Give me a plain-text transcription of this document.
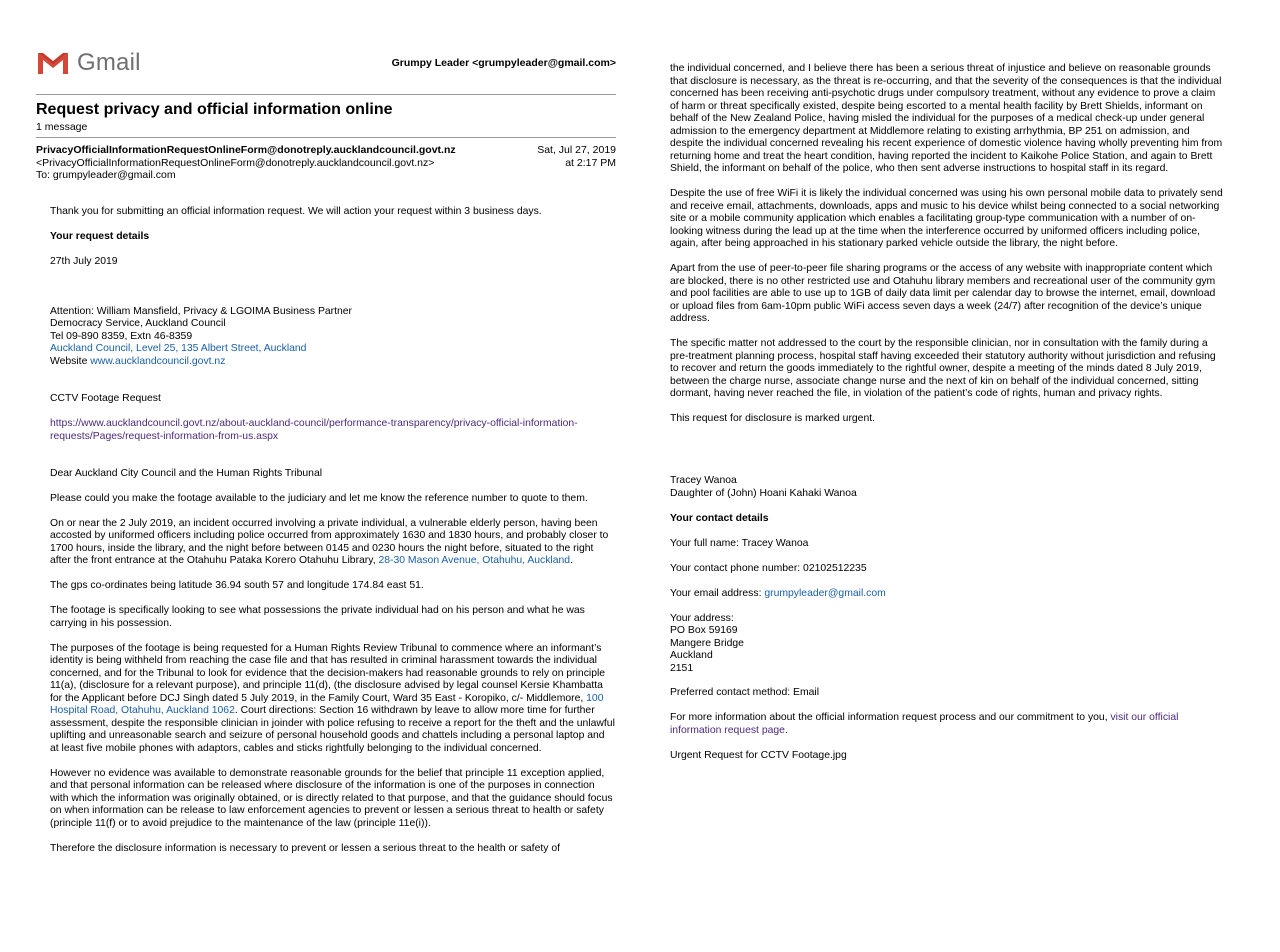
Gmail	Grumpy Leader <grumpyleader@gmail.com>
Request privacy and official information online
1 message
PrivacyOfficialInformationRequestOnlineForm@donotreply.aucklandcouncil.govt.nz
<PrivacyOfficialInformationRequestOnlineForm@donotreply.aucklandcouncil.govt.nz>
To: grumpyleader@gmail.com
Sat, Jul 27, 2019
at 2:17 PM

Thank you for submitting an official information request. We will action your request within 3 business days.

Your request details

27th July 2019

Attention: William Mansfield, Privacy & LGOIMA Business Partner
Democracy Service, Auckland Council
Tel 09-890 8359, Extn 46-8359
Auckland Council, Level 25, 135 Albert Street, Auckland
Website www.aucklandcouncil.govt.nz

CCTV Footage Request

https://www.aucklandcouncil.govt.nz/about-auckland-council/performance-transparency/privacy-official-information-requests/Pages/request-information-from-us.aspx

Dear Auckland City Council and the Human Rights Tribunal

Please could you make the footage available to the judiciary and let me know the reference number to quote to them.

On or near the 2 July 2019, an incident occurred involving a private individual, a vulnerable elderly person, having been accosted by uniformed officers including police occurred from approximately 1630 and 1830 hours, and probably closer to 1700 hours, inside the library, and the night before between 0145 and 0230 hours the night before, situated to the right after the front entrance at the Otahuhu Pataka Korero Otahuhu Library, 28-30 Mason Avenue, Otahuhu, Auckland.

The gps co-ordinates being latitude 36.94 south 57 and longitude 174.84 east 51.

The footage is specifically looking to see what possessions the private individual had on his person and what he was carrying in his possession.

The purposes of the footage is being requested for a Human Rights Review Tribunal to commence where an informant’s identity is being withheld from reaching the case file and that has resulted in criminal harassment towards the individual concerned, and for the Tribunal to look for evidence that the decision-makers had reasonable grounds to rely on principle 11(a), (disclosure for a relevant purpose), and principle 11(d), (the disclosure advised by legal counsel Kersie Khambatta for the Applicant before DCJ Singh dated 5 July 2019, in the Family Court, Ward 35 East - Koropiko, c/- Middlemore, 100 Hospital Road, Otahuhu, Auckland 1062. Court directions: Section 16 withdrawn by leave to allow more time for further assessment, despite the responsible clinician in joinder with police refusing to receive a report for the theft and the unlawful uplifting and unreasonable search and seizure of personal household goods and chattels including a personal laptop and at least five mobile phones with adaptors, cables and sticks rightfully belonging to the individual concerned.

However no evidence was available to demonstrate reasonable grounds for the belief that principle 11 exception applied, and that personal information can be released where disclosure of the information is one of the purposes in connection with which the information was originally obtained, or is directly related to that purpose, and that the guidance should focus on when information can be release to law enforcement agencies to prevent or lessen a serious threat to health or safety (principle 11(f) or to avoid prejudice to the maintenance of the law (principle 11e(i)).

Therefore the disclosure information is necessary to prevent or lessen a serious threat to the health or safety of

the individual concerned, and I believe there has been a serious threat of injustice and believe on reasonable grounds that disclosure is necessary, as the threat is re-occurring, and that the severity of the consequences is that the individual concerned has been receiving anti-psychotic drugs under compulsory treatment, without any evidence to prove a claim of harm or threat specifically existed, despite being escorted to a mental health facility by Brett Shields, informant on behalf of the New Zealand Police, having misled the individual for the purposes of a medical check-up under general admission to the emergency department at Middlemore relating to existing arrhythmia, BP 251 on admission, and despite the individual concerned revealing his recent experience of domestic violence having wholly preventing him from returning home and treat the heart condition, having reported the incident to Kaikohe Police Station, and again to Brett Shield, the informant on behalf of the police, who then sent adverse instructions to hospital staff in its regard.

Despite the use of free WiFi it is likely the individual concerned was using his own personal mobile data to privately send and receive email, attachments, downloads, apps and music to his device whilst being connected to a social networking site or a mobile community application which enables a facilitating group-type communication with a number of on-looking witness during the lead up at the time when the interference occurred by uniformed officers including police, again, after being approached in his stationary parked vehicle outside the library, the night before.

Apart from the use of peer-to-peer file sharing programs or the access of any website with inappropriate content which are blocked, there is no other restricted use and Otahuhu library members and recreational user of the community gym and pool facilities are able to use up to 1GB of daily data limit per calendar day to browse the internet, email, download or upload files from 6am-10pm public WiFi access seven days a week (24/7) after recognition of the device’s unique address.

The specific matter not addressed to the court by the responsible clinician, nor in consultation with the family during a pre-treatment planning process, hospital staff having exceeded their statutory authority without jurisdiction and refusing to recover and return the goods immediately to the rightful owner, despite a meeting of the minds dated 8 July 2019, between the charge nurse, associate change nurse and the next of kin on behalf of the individual concerned, sitting dormant, having never reached the file, in violation of the patient’s code of rights, human and privacy rights.

This request for disclosure is marked urgent.

Tracey Wanoa

Daughter of (John) Hoani Kahaki Wanoa

Your contact details

Your full name: Tracey Wanoa

Your contact phone number: 02102512235

Your email address: grumpyleader@gmail.com

Your address:
PO Box 59169
Mangere Bridge
Auckland
2151

Preferred contact method: Email

For more information about the official information request process and our commitment to you, visit our official information request page.

Urgent Request for CCTV Footage.jpg
